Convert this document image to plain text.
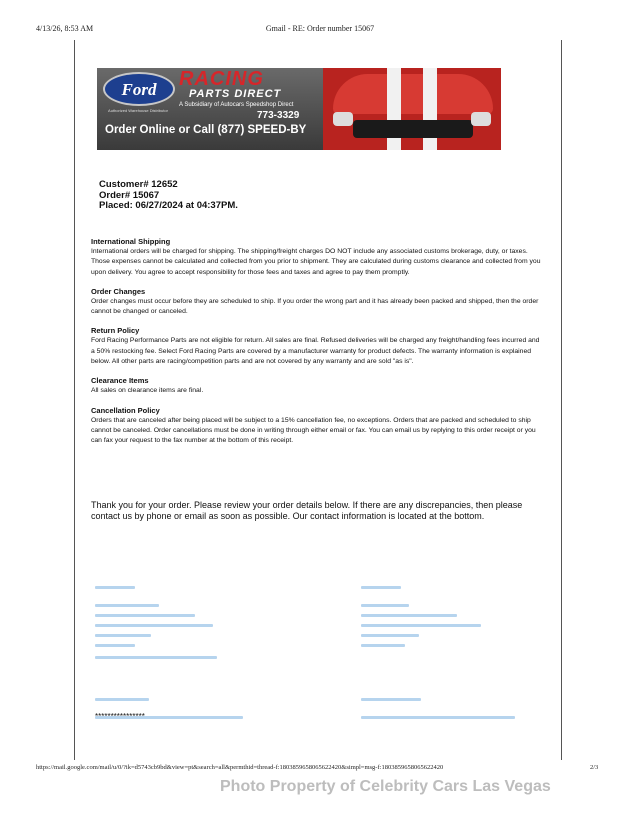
4/13/26, 8:53 AM	Gmail - RE: Order number 15067
Ford
Authorized Warehouse Distributor
RACING
PARTS DIRECT
A Subsidiary of Autocars Speedshop Direct
773-3329
Order Online or Call (877) SPEED-BY
Customer# 12652
Order# 15067
Placed: 06/27/2024 at 04:37PM.
International Shipping

International orders will be charged for shipping. The shipping/freight charges DO NOT include any associated customs brokerage, duty, or taxes. Those expenses cannot be calculated and collected from you prior to shipment. They are calculated during customs clearance and collected from you upon delivery. You agree to accept responsibility for those fees and taxes and agree to pay them promptly.

Order Changes

Order changes must occur before they are scheduled to ship. If you order the wrong part and it has already been packed and shipped, then the order cannot be changed or canceled.

Return Policy

Ford Racing Performance Parts are not eligible for return. All sales are final. Refused deliveries will be charged any freight/handling fees incurred and a 50% restocking fee. Select Ford Racing Parts are covered by a manufacturer warranty for product defects. The warranty information is explained below. All other parts are racing/competition parts and are not covered by any warranty and are sold "as is".

Clearance Items

All sales on clearance items are final.

Cancellation Policy

Orders that are canceled after being placed will be subject to a 15% cancellation fee, no exceptions. Orders that are packed and scheduled to ship cannot be canceled. Order cancellations must be done in writing through either email or fax. You can email us by replying to this order receipt or you can fax your request to the fax number at the bottom of this receipt.

Thank you for your order. Please review your order details below. If there are any discrepancies, then please contact us by phone or email as soon as possible. Our contact information is located at the bottom.
****************
https://mail.google.com/mail/u/0/?ik=d5743cb9bd&view=pt&search=all&permthid=thread-f:1803859658065622420&simpl=msg-f:1803859658065622420	2/3
Photo Property of Celebrity Cars Las Vegas
